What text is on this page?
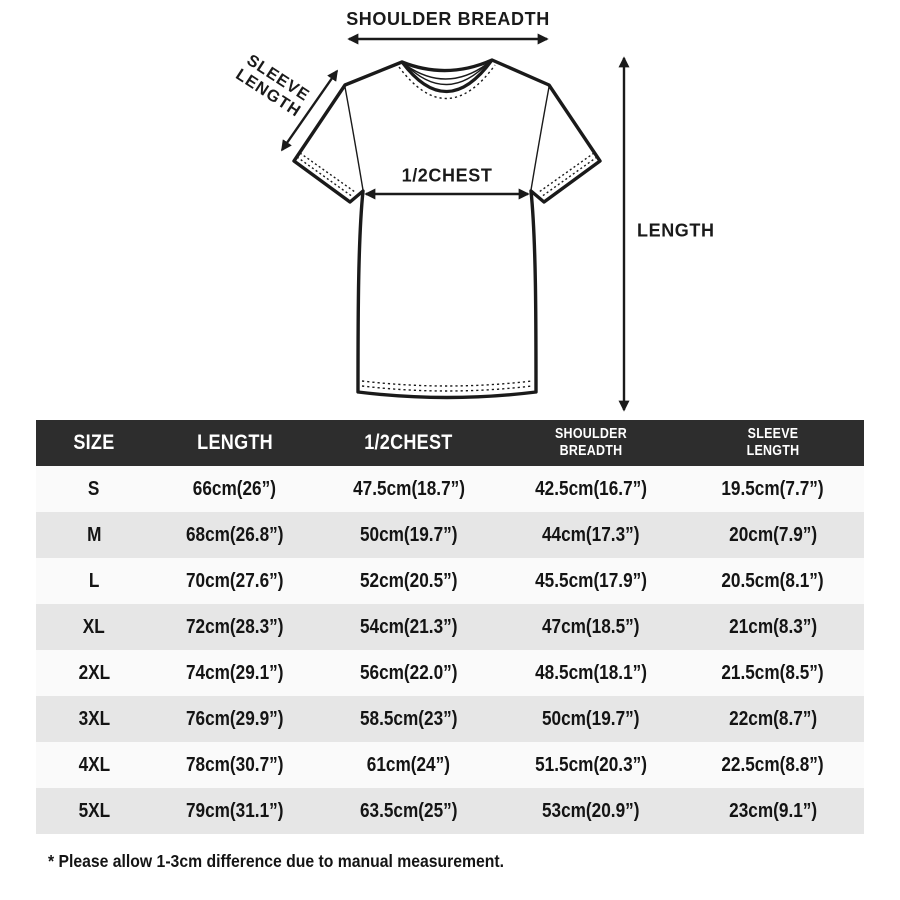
SHOULDER BREADTH
SLEEVE LENGTH
1/2CHEST
LENGTH
SIZE	LENGTH	1/2CHEST	SHOULDER BREADTH	SLEEVE LENGTH
S	66cm(26”)	47.5cm(18.7”)	42.5cm(16.7”)	19.5cm(7.7”)
M	68cm(26.8”)	50cm(19.7”)	44cm(17.3”)	20cm(7.9”)
L	70cm(27.6”)	52cm(20.5”)	45.5cm(17.9”)	20.5cm(8.1”)
XL	72cm(28.3”)	54cm(21.3”)	47cm(18.5”)	21cm(8.3”)
2XL	74cm(29.1”)	56cm(22.0”)	48.5cm(18.1”)	21.5cm(8.5”)
3XL	76cm(29.9”)	58.5cm(23”)	50cm(19.7”)	22cm(8.7”)
4XL	78cm(30.7”)	61cm(24”)	51.5cm(20.3”)	22.5cm(8.8”)
5XL	79cm(31.1”)	63.5cm(25”)	53cm(20.9”)	23cm(9.1”)
* Please allow 1-3cm difference due to manual measurement.
